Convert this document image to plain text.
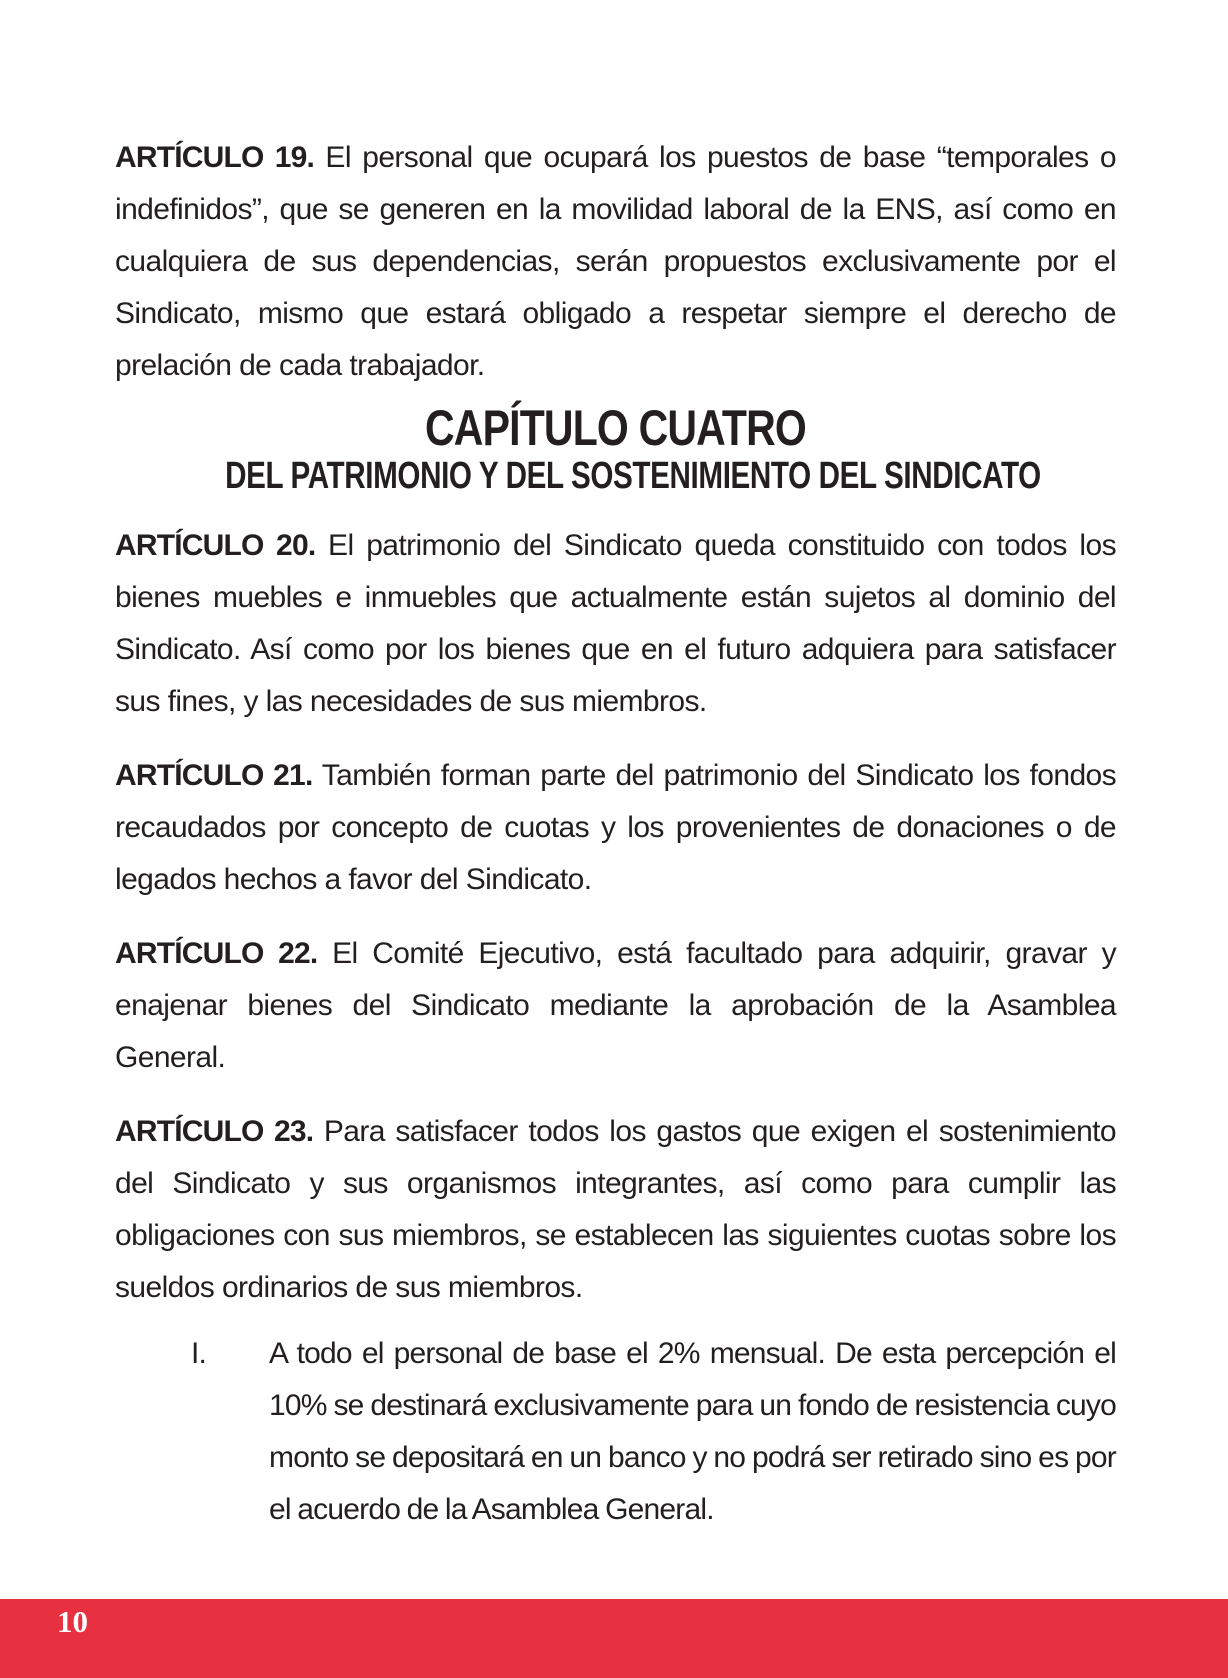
ARTÍCULO 19. El personal que ocupará los puestos de base “temporales o indefinidos”, que se generen en la movilidad laboral de la ENS, así como en cualquiera de sus dependencias, serán propuestos exclusivamente por el Sindicato, mismo que estará obligado a respetar siempre el derecho de prelación de cada trabajador.

CAPÍTULO CUATRO
DEL PATRIMONIO Y DEL SOSTENIMIENTO DEL SINDICATO

ARTÍCULO 20. El patrimonio del Sindicato queda constituido con todos los bienes muebles e inmuebles que actualmente están sujetos al dominio del Sindicato. Así como por los bienes que en el futuro adquiera para satisfacer sus fines, y las necesidades de sus miembros.

ARTÍCULO 21. También forman parte del patrimonio del Sindicato los fondos recaudados por concepto de cuotas y los provenientes de donaciones o de legados hechos a favor del Sindicato.

ARTÍCULO 22. El Comité Ejecutivo, está facultado para adquirir, gravar y enajenar bienes del Sindicato mediante la aprobación de la Asamblea General.

ARTÍCULO 23. Para satisfacer todos los gastos que exigen el sostenimiento del Sindicato y sus organismos integrantes, así como para cumplir las obligaciones con sus miembros, se establecen las siguientes cuotas sobre los sueldos ordinarios de sus miembros.

I.	A todo el personal de base el 2% mensual. De esta percepción el 10% se destinará exclusivamente para un fondo de resistencia cuyo monto se depositará en un banco y no podrá ser retirado sino es por el acuerdo de la Asamblea General.
10
